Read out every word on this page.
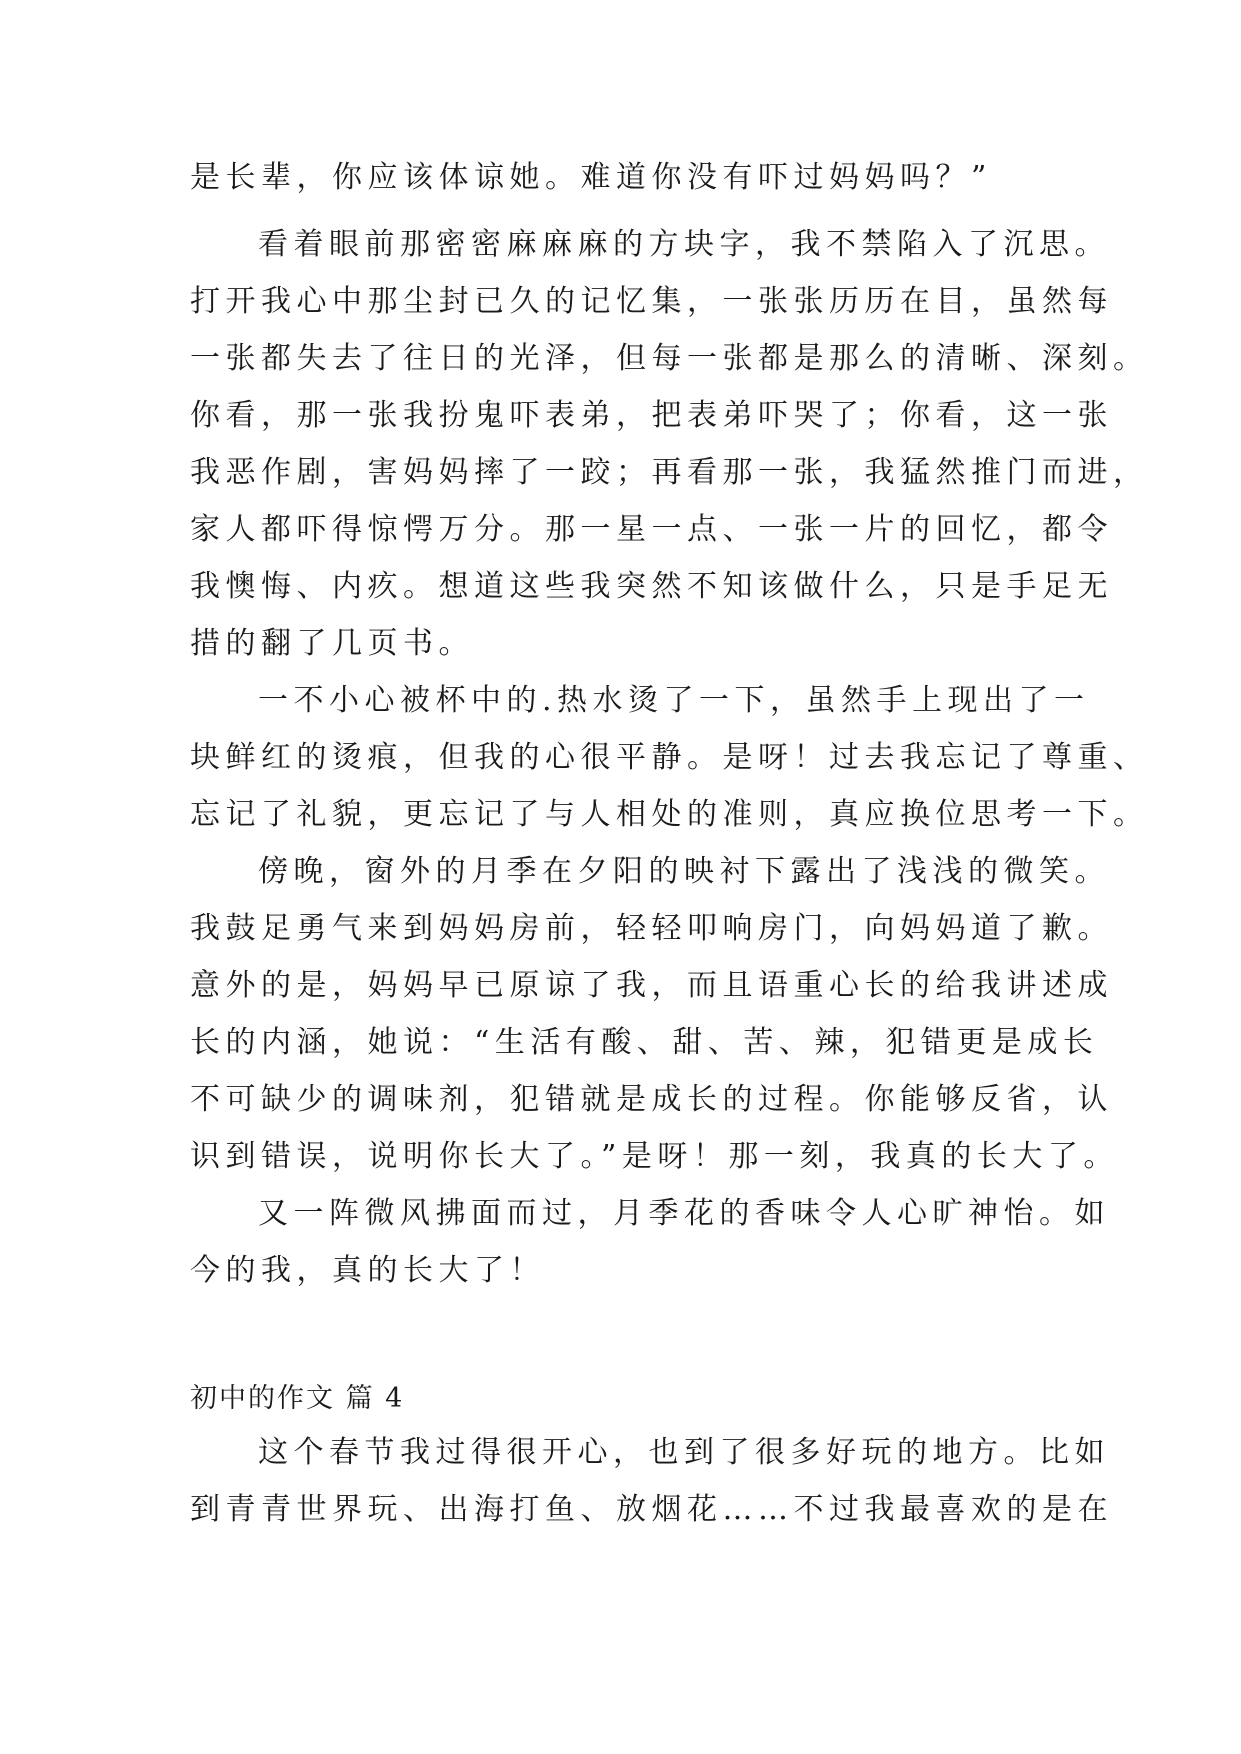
是长辈，你应该体谅她。难道你没有吓过妈妈吗？”
看着眼前那密密麻麻麻的方块字，我不禁陷入了沉思。
打开我心中那尘封已久的记忆集，一张张历历在目，虽然每
一张都失去了往日的光泽，但每一张都是那么的清晰、深刻。
你看，那一张我扮鬼吓表弟，把表弟吓哭了；你看，这一张
我恶作剧，害妈妈摔了一跤；再看那一张，我猛然推门而进，
家人都吓得惊愕万分。那一星一点、一张一片的回忆，都令
我懊悔、内疚。想道这些我突然不知该做什么，只是手足无
措的翻了几页书。
一不小心被杯中的.热水烫了一下，虽然手上现出了一
块鲜红的烫痕，但我的心很平静。是呀！过去我忘记了尊重、
忘记了礼貌，更忘记了与人相处的准则，真应换位思考一下。
傍晚，窗外的月季在夕阳的映衬下露出了浅浅的微笑。
我鼓足勇气来到妈妈房前，轻轻叩响房门，向妈妈道了歉。
意外的是，妈妈早已原谅了我，而且语重心长的给我讲述成
长的内涵，她说：“生活有酸、甜、苦、辣，犯错更是成长
不可缺少的调味剂，犯错就是成长的过程。你能够反省，认
识到错误，说明你长大了。”是呀！那一刻，我真的长大了。
又一阵微风拂面而过，月季花的香味令人心旷神怡。如
今的我，真的长大了！
初中的作文 篇 4
这个春节我过得很开心，也到了很多好玩的地方。比如
到青青世界玩、出海打鱼、放烟花……不过我最喜欢的是在
